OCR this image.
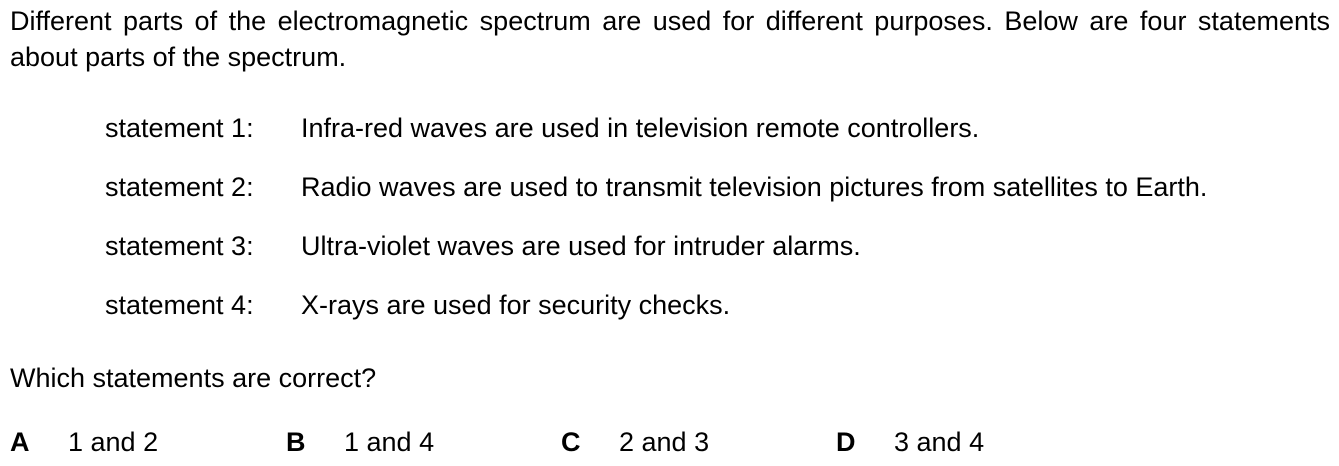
Different parts of the electromagnetic spectrum are used for different purposes. Below are four statements about parts of the spectrum.

statement 1: Infra-red waves are used in television remote controllers.
statement 2: Radio waves are used to transmit television pictures from satellites to Earth.
statement 3: Ultra-violet waves are used for intruder alarms.
statement 4: X-rays are used for security checks.
Which statements are correct?
A 1 and 2	B 1 and 4	C 2 and 3	D 3 and 4
